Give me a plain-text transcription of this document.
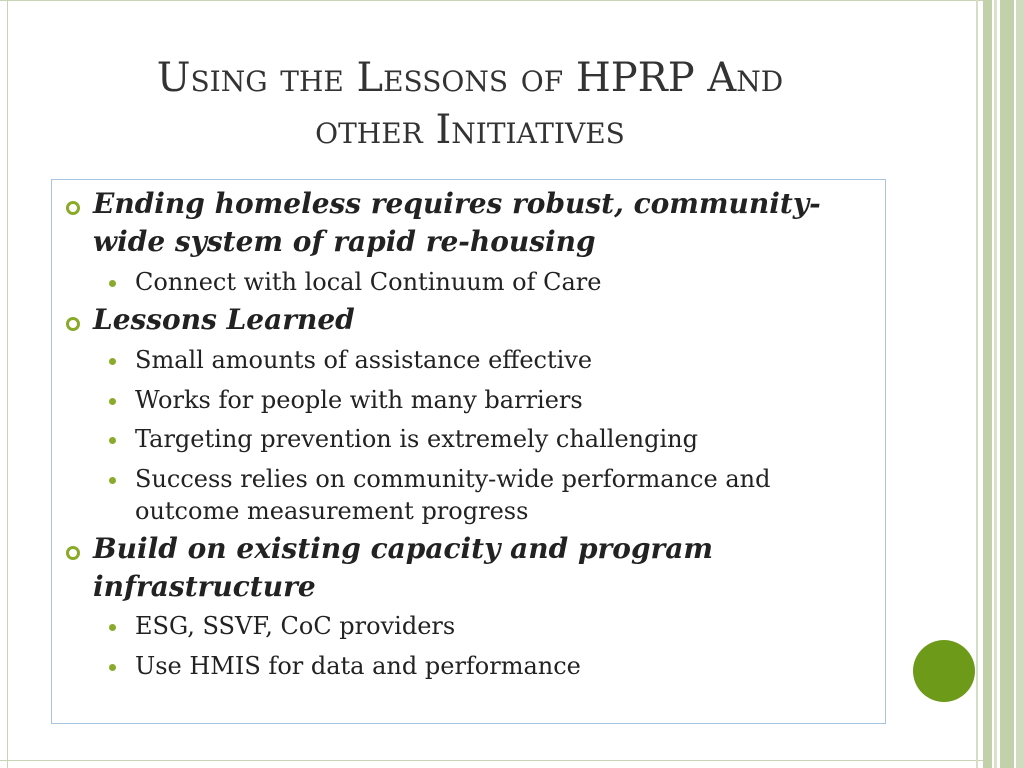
Using the Lessons of HPRP And
other Initiatives
Ending homeless requires robust, community-wide system of rapid re-housing
Connect with local Continuum of Care
Lessons Learned
Small amounts of assistance effective
Works for people with many barriers
Targeting prevention is extremely challenging
Success relies on community-wide performance and outcome measurement progress
Build on existing capacity and program infrastructure
ESG, SSVF, CoC providers
Use HMIS for data and performance
